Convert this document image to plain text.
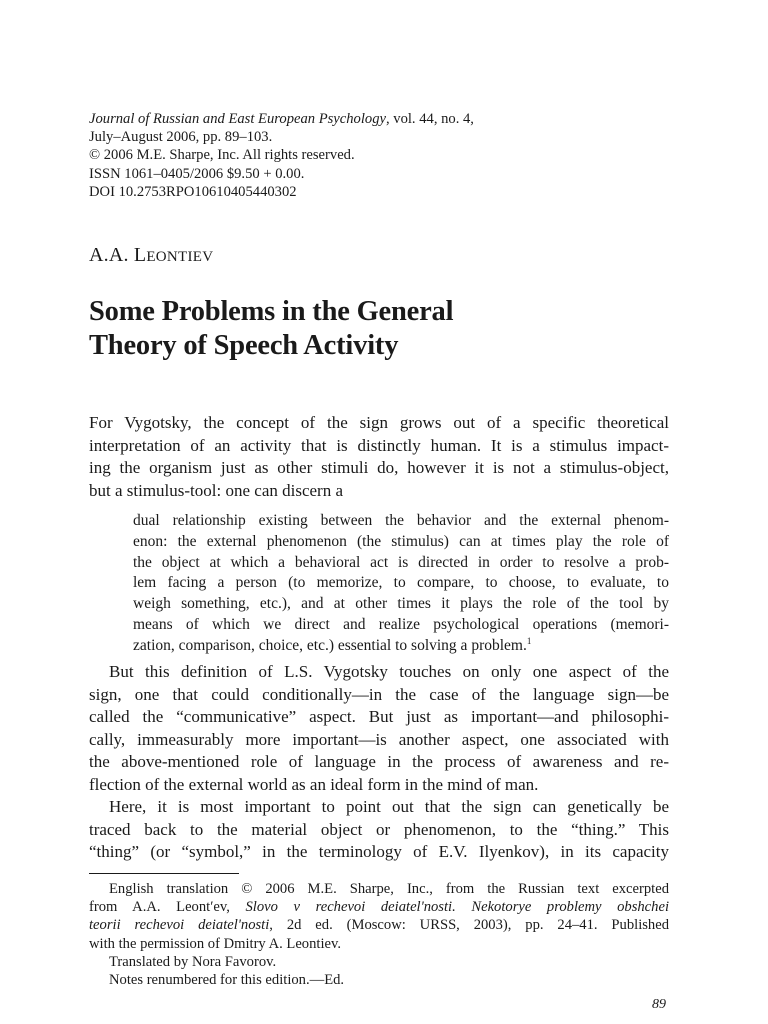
Journal of Russian and East European Psychology, vol. 44, no. 4,
July–August 2006, pp. 89–103.
© 2006 M.E. Sharpe, Inc. All rights reserved.
ISSN 1061–0405/2006 $9.50 + 0.00.
DOI 10.2753RPO10610405440302
A.A. LEONTIEV
Some Problems in the General
Theory of Speech Activity
For Vygotsky, the concept of the sign grows out of a specific theoretical
interpretation of an activity that is distinctly human. It is a stimulus impact-
ing the organism just as other stimuli do, however it is not a stimulus-object,
but a stimulus-tool: one can discern a
dual relationship existing between the behavior and the external phenom-
enon: the external phenomenon (the stimulus) can at times play the role of
the object at which a behavioral act is directed in order to resolve a prob-
lem facing a person (to memorize, to compare, to choose, to evaluate, to
weigh something, etc.), and at other times it plays the role of the tool by
means of which we direct and realize psychological operations (memori-
zation, comparison, choice, etc.) essential to solving a problem.$^1$
But this definition of L.S. Vygotsky touches on only one aspect of the
sign, one that could conditionally—in the case of the language sign—be
called the “communicative” aspect. But just as important—and philosophi-
cally, immeasurably more important—is another aspect, one associated with
the above-mentioned role of language in the process of awareness and re-
flection of the external world as an ideal form in the mind of man.
Here, it is most important to point out that the sign can genetically be
traced back to the material object or phenomenon, to the “thing.” This
“thing” (or “symbol,” in the terminology of E.V. Ilyenkov), in its capacity
English translation © 2006 M.E. Sharpe, Inc., from the Russian text excerpted
from A.A. Leontʹev, Slovo v rechevoi deiatelʹnosti. Nekotorye problemy obshchei
teorii rechevoi deiatelʹnosti, 2d ed. (Moscow: URSS, 2003), pp. 24–41. Published
with the permission of Dmitry A. Leontiev.
Translated by Nora Favorov.
Notes renumbered for this edition.—Ed.
89
